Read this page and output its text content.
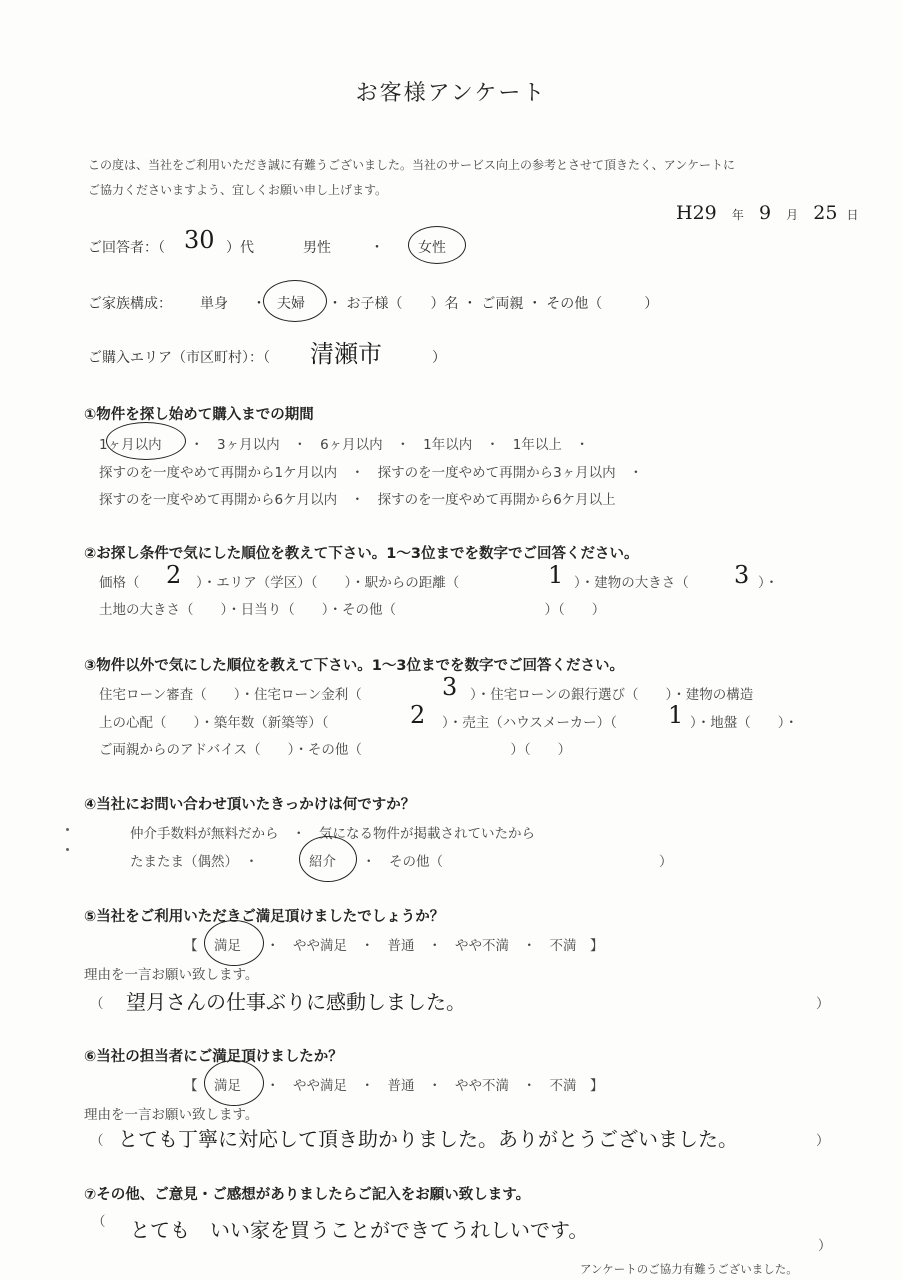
お客様アンケート
この度は、当社をご利用いただき誠に有難うございました。当社のサービス向上の参考とさせて頂きたく、アンケートに
ご協力くださいますよう、宜しくお願い申し上げます。
H29 年 9 月 25 日
ご回答者：（ 30 ）代	男性	・ 女性
ご家族構成： 単身 ・ 夫婦 ・ お子様（　　）名 ・ ご両親 ・ その他（　　　）
ご購入エリア（市区町村）：（ 清瀬市	）
①物件を探し始めて購入までの期間
1ヶ月以内 ・　3ヶ月以内　・　6ヶ月以内　・　1年以内　・　1年以上　・
探すのを一度やめて再開から1ケ月以内　・　探すのを一度やめて再開から3ヶ月以内　・
探すのを一度やめて再開から6ケ月以内　・　探すのを一度やめて再開から6ケ月以上
②お探し条件で気にした順位を教えて下さい。1～3位までを数字でご回答ください。
価格（ 2 ）・エリア（学区）（　　）・駅からの距離（	1 ）・建物の大きさ（ 3 ）・
土地の大きさ（　　）・日当り（　　）・その他（　　　　　　　　　　　）（　　）
③物件以外で気にした順位を教えて下さい。1～3位までを数字でご回答ください。
住宅ローン審査（　　）・住宅ローン金利（	3 ）・住宅ローンの銀行選び（　　）・建物の構造
上の心配（　　）・築年数（新築等）（	2 ）・売主（ハウスメーカー）（ 1 ）・地盤（　　）・
ご両親からのアドバイス（　　）・その他（　　　　　　　　　　　）（　　）
④当社にお問い合わせ頂いたきっかけは何ですか？
仲介手数料が無料だから　・　気になる物件が掲載されていたから
たまたま（偶然）　・	紹介 ・　その他（　　　　　　　　　　　　　　　　）
⑤当社をご利用いただきご満足頂けましたでしょうか？
【 満足 ・　やや満足　・　普通　・　やや不満　・　不満　】
理由を一言お願い致します。
（ 望月さんの仕事ぶりに感動しました。	）
⑥当社の担当者にご満足頂けましたか？
【 満足 ・　やや満足　・　普通　・　やや不満　・　不満　】
理由を一言お願い致します。
（ とても丁寧に対応して頂き助かりました。ありがとうございました。	）
⑦その他、ご意見・ご感想がありましたらご記入をお願い致します。
（ とても　いい家を買うことができてうれしいです。
）
アンケートのご協力有難うございました。
